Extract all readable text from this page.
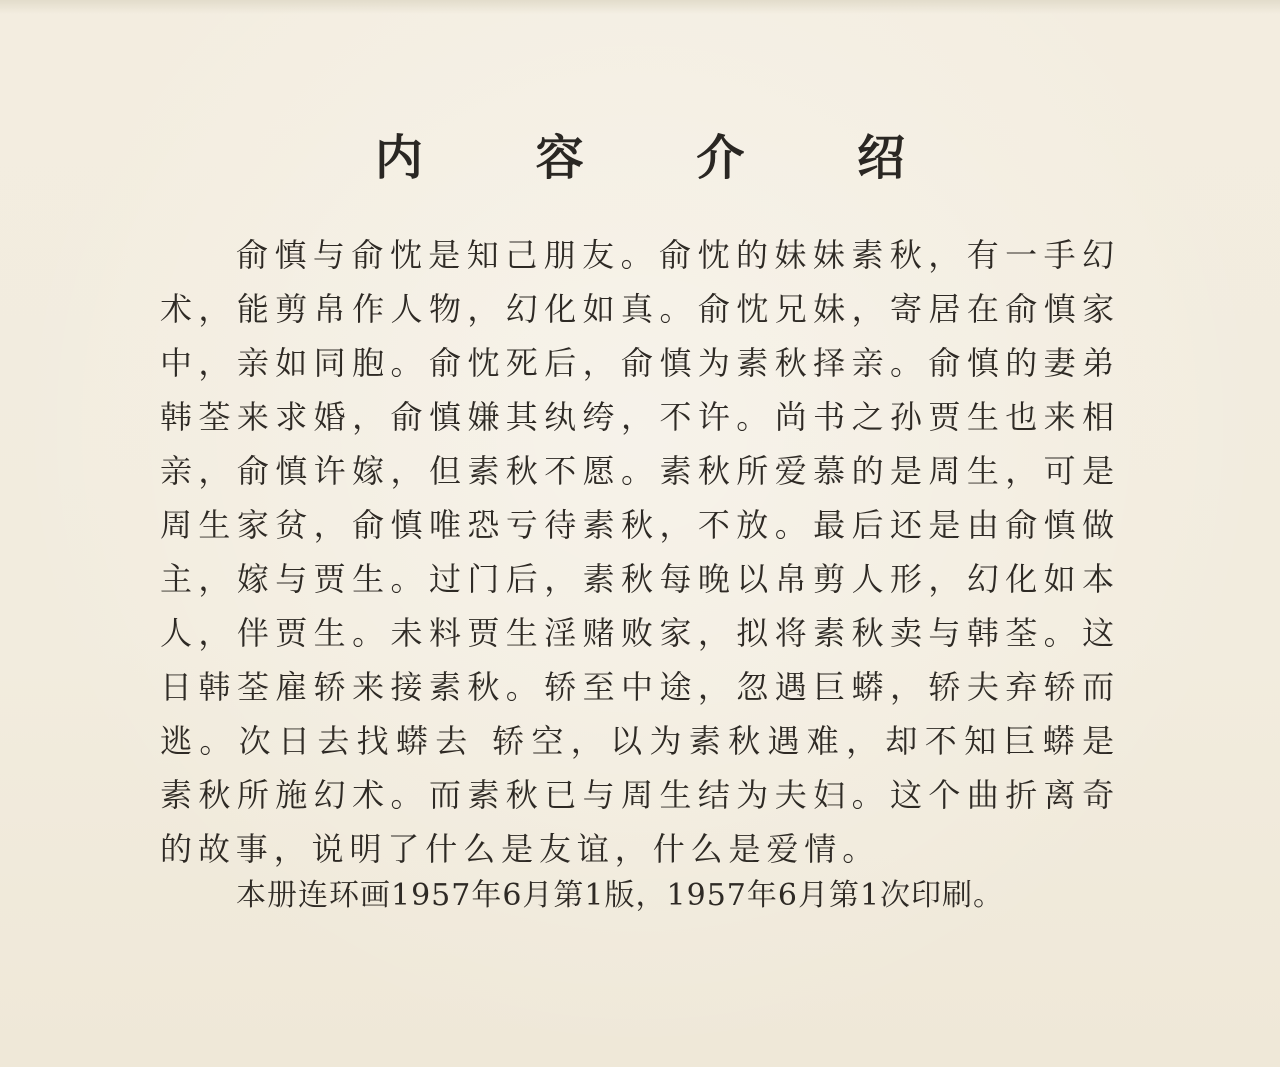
内 容 介 绍

俞慎与俞忱是知己朋友。俞忱的妹妹素秋，有一手幻术，能剪帛作人物，幻化如真。俞忱兄妹，寄居在俞慎家中，亲如同胞。俞忱死后，俞慎为素秋择亲。俞慎的妻弟韩荃来求婚，俞慎嫌其纨绔，不许。尚书之孙贾生也来相亲，俞慎许嫁，但素秋不愿。素秋所爱慕的是周生，可是周生家贫，俞慎唯恐亏待素秋，不放。最后还是由俞慎做主，嫁与贾生。过门后，素秋每晚以帛剪人形，幻化如本人，伴贾生。未料贾生淫赌败家，拟将素秋卖与韩荃。这日韩荃雇轿来接素秋。轿至中途，忽遇巨蟒，轿夫弃轿而逃。次日去找蟒去 轿空，以为素秋遇难，却不知巨蟒是素秋所施幻术。而素秋已与周生结为夫妇。这个曲折离奇的故事，说明了什么是友谊，什么是爱情。

本册连环画1957年6月第1版，1957年6月第1次印刷。
